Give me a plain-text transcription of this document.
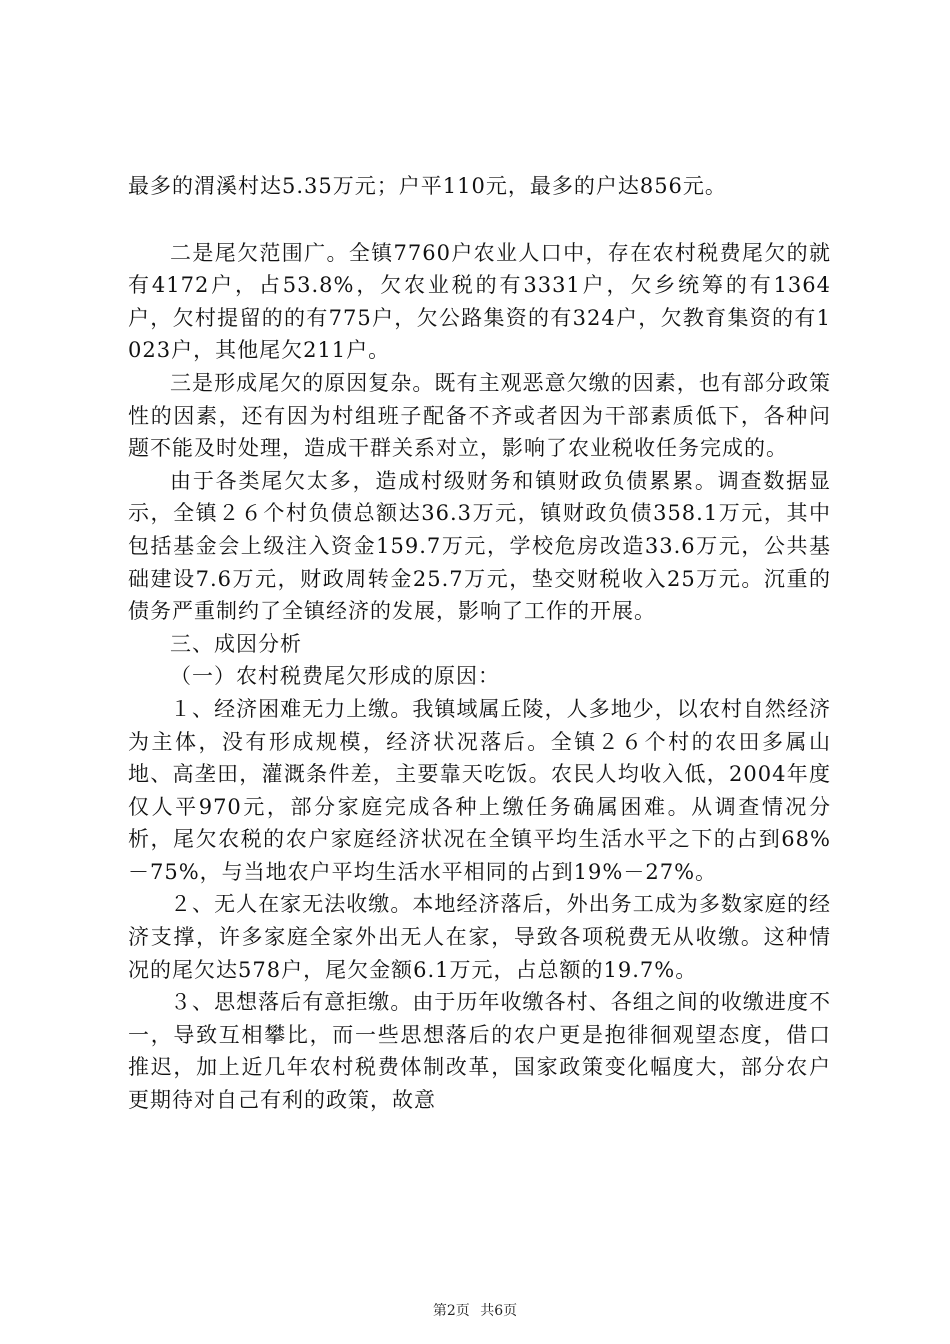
最多的渭溪村达5.35万元；户平110元，最多的户达856元。

二是尾欠范围广。全镇7760户农业人口中，存在农村税费尾欠的就有4172户，占53.8%，欠农业税的有3331户，欠乡统筹的有1364户，欠村提留的的有775户，欠公路集资的有324户，欠教育集资的有1023户，其他尾欠211户。

三是形成尾欠的原因复杂。既有主观恶意欠缴的因素，也有部分政策性的因素，还有因为村组班子配备不齐或者因为干部素质低下，各种问题不能及时处理，造成干群关系对立，影响了农业税收任务完成的。

由于各类尾欠太多，造成村级财务和镇财政负债累累。调查数据显示，全镇２６个村负债总额达36.3万元，镇财政负债358.1万元，其中包括基金会上级注入资金159.7万元，学校危房改造33.6万元，公共基础建设7.6万元，财政周转金25.7万元，垫交财税收入25万元。沉重的债务严重制约了全镇经济的发展，影响了工作的开展。

三、成因分析

（一）农村税费尾欠形成的原因：

１、经济困难无力上缴。我镇域属丘陵，人多地少，以农村自然经济为主体，没有形成规模，经济状况落后。全镇２６个村的农田多属山地、高垄田，灌溉条件差，主要靠天吃饭。农民人均收入低，2004年度仅人平970元，部分家庭完成各种上缴任务确属困难。从调查情况分析，尾欠农税的农户家庭经济状况在全镇平均生活水平之下的占到68%－75%，与当地农户平均生活水平相同的占到19%－27%。

２、无人在家无法收缴。本地经济落后，外出务工成为多数家庭的经济支撑，许多家庭全家外出无人在家，导致各项税费无从收缴。这种情况的尾欠达578户，尾欠金额6.1万元，占总额的19.7%。

３、思想落后有意拒缴。由于历年收缴各村、各组之间的收缴进度不一，导致互相攀比，而一些思想落后的农户更是抱徘徊观望态度，借口推迟，加上近几年农村税费体制改革，国家政策变化幅度大，部分农户更期待对自己有利的政策，故意

第2页 共6页
